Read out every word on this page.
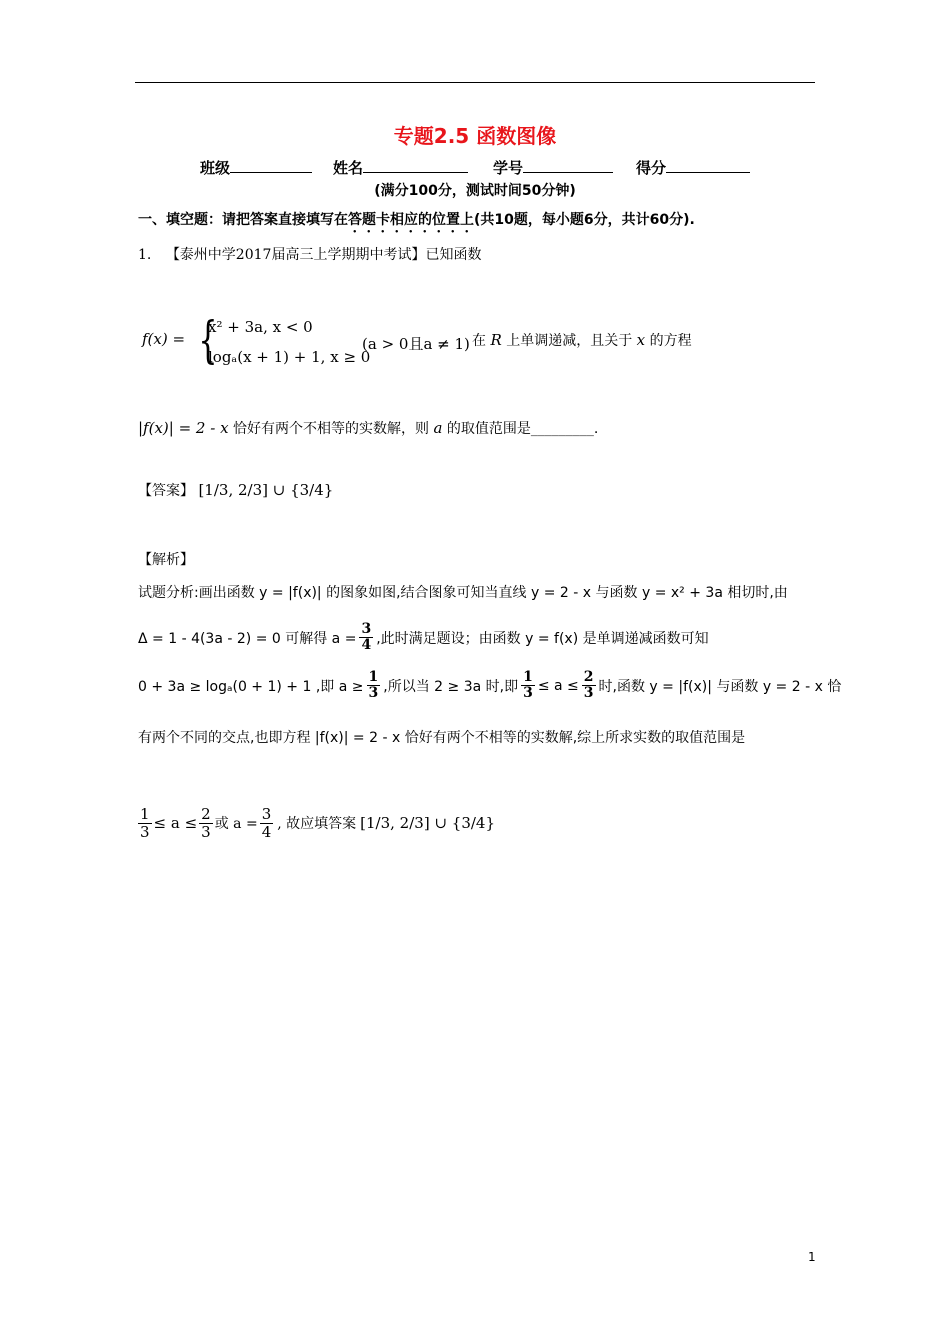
专题2.5 函数图像
班级	姓名	学号	得分
(满分100分，测试时间50分钟)
一、填空题：请把答案直接填写在答题卡相应的位置上(共10题，每小题6分，共计60分).
1. 【泰州中学2017届高三上学期期中考试】已知函数
f(x) = {
x² + 3a, x < 0
logₐ(x + 1) + 1, x ≥ 0
(a > 0且a ≠ 1) 在 R 上单调递减，且关于 x 的方程
|f(x)| = 2 - x 恰好有两个不相等的实数解，则 a 的取值范围是_________.
【答案】 [1/3, 2/3] ∪ {3/4}
【解析】
试题分析:画出函数 y = |f(x)| 的图象如图,结合图象可知当直线 y = 2 - x 与函数 y = x² + 3a 相切时,由
Δ = 1 - 4(3a - 2) = 0 可解得 $a = \frac{3}{4}$ ,此时满足题设；由函数 y = f(x) 是单调递减函数可知
0 + 3a ≥ logₐ(0 + 1) + 1 ,即 $a \ge \frac{1}{3}$ ,所以当 2 ≥ 3a 时,即 $\frac{1}{3} \le a \le \frac{2}{3}$ 时,函数 y = |f(x)| 与函数 y = 2 - x 恰
有两个不同的交点,也即方程 |f(x)| = 2 - x 恰好有两个不相等的实数解,综上所求实数的取值范围是
$\frac{1}{3} \le a \le \frac{2}{3}$ 或 $a = \frac{3}{4}$ , 故应填答案 [1/3, 2/3] ∪ {3/4}
1
